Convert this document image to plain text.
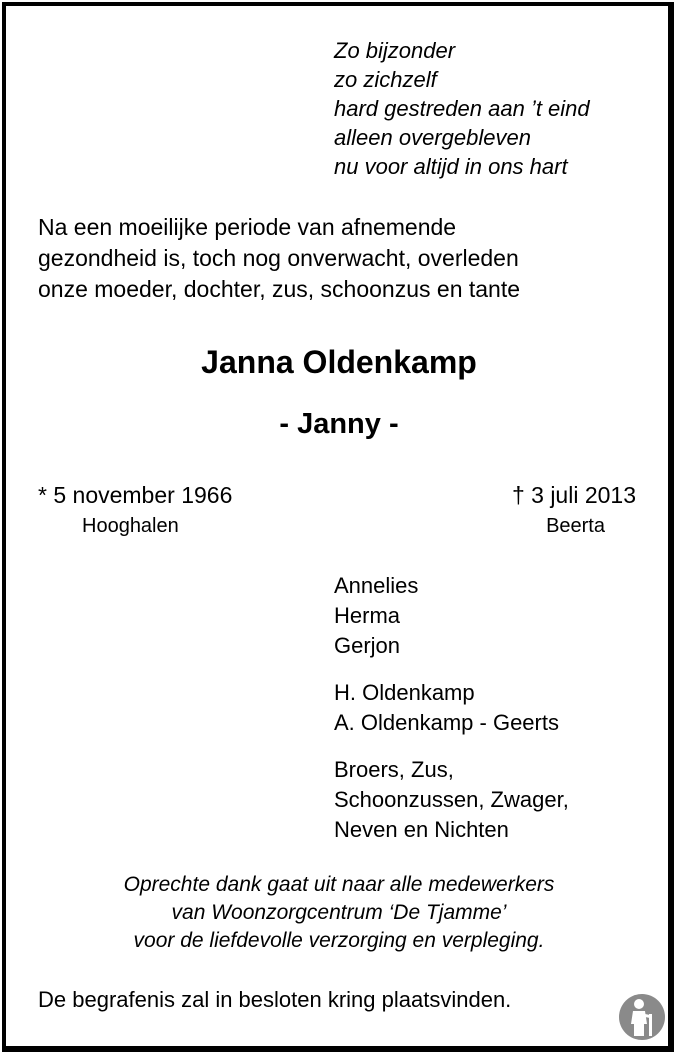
Zo bijzonder
zo zichzelf
hard gestreden aan ’t eind
alleen overgebleven
nu voor altijd in ons hart
Na een moeilijke periode van afnemende
gezondheid is, toch nog onverwacht, overleden
onze moeder, dochter, zus, schoonzus en tante
Janna Oldenkamp
- Janny -
* 5 november 1966
Hooghalen
† 3 juli 2013
Beerta
Annelies
Herma
Gerjon
H. Oldenkamp
A. Oldenkamp - Geerts
Broers, Zus,
Schoonzussen, Zwager,
Neven en Nichten
Oprechte dank gaat uit naar alle medewerkers
van Woonzorgcentrum ‘De Tjamme’
voor de liefdevolle verzorging en verpleging.
De begrafenis zal in besloten kring plaatsvinden.
